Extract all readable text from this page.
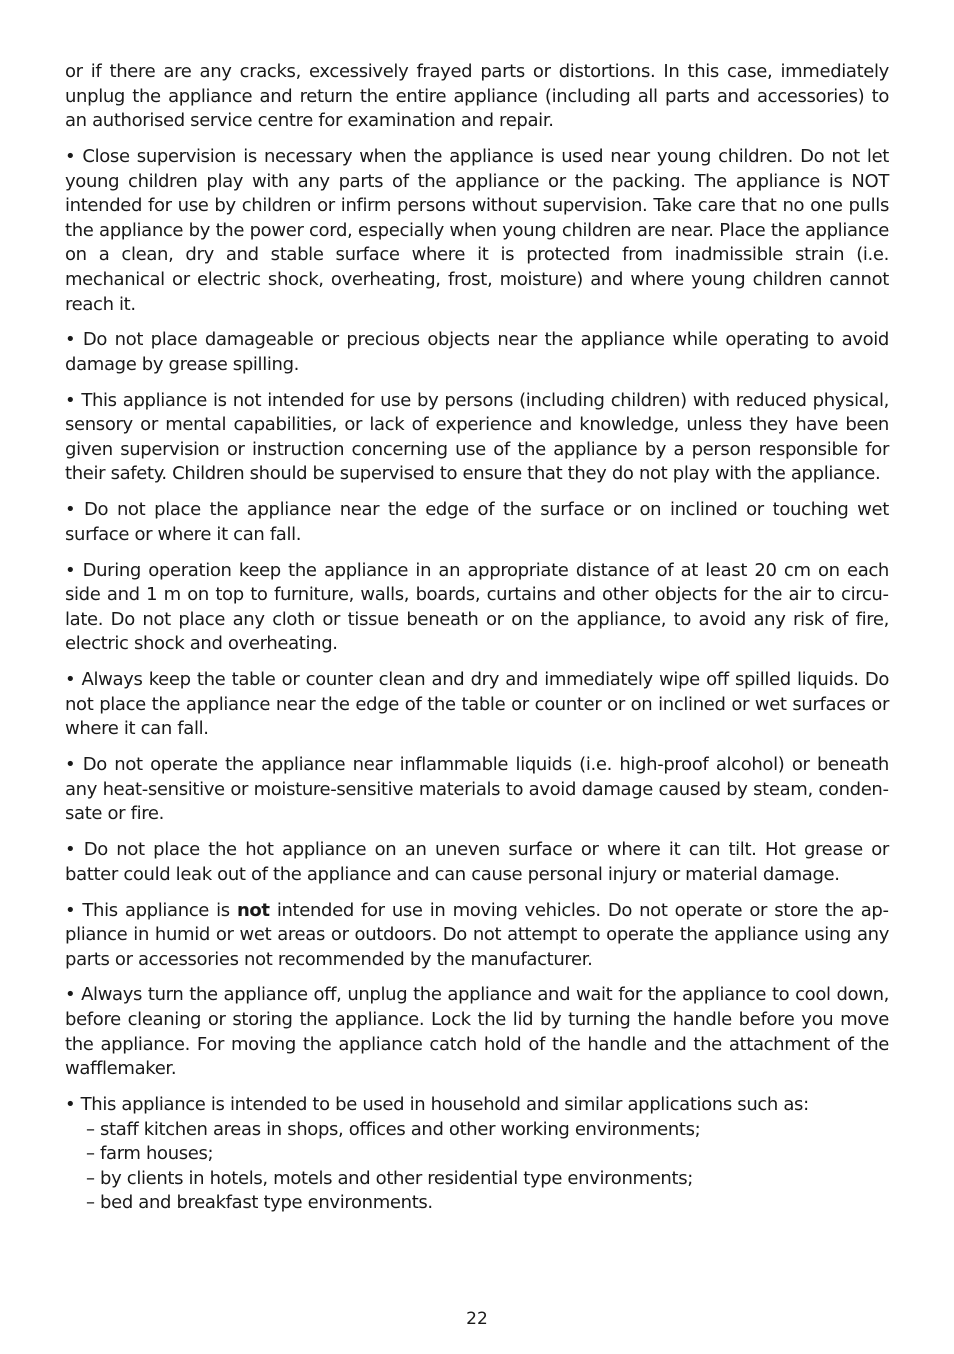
or if there are any cracks, excessively frayed parts or distortions. In this case, immediately unplug the appliance and return the entire appliance (including all parts and accessories) to an authorised service centre for examination and repair.

• Close supervision is necessary when the appliance is used near young children. Do not let young children play with any parts of the appliance or the packing. The appliance is NOT intended for use by children or infirm persons without supervision. Take care that no one pulls the appliance by the power cord, especially when young children are near. Place the appliance on a clean, dry and stable surface where it is protected from inadmissible strain (i.e. mechanical or electric shock, overheating, frost, moisture) and where young children cannot reach it.

• Do not place damageable or precious objects near the appliance while operating to avoid damage by grease spilling.

• This appliance is not intended for use by persons (including children) with reduced physical, sensory or mental capabilities, or lack of experience and knowledge, unless they have been given supervision or instruction concerning use of the appliance by a person responsible for their safety. Children should be supervised to ensure that they do not play with the appliance.

• Do not place the appliance near the edge of the surface or on inclined or touching wet surface or where it can fall.

• During operation keep the appliance in an appropriate distance of at least 20 cm on each side and 1 m on top to furniture, walls, boards, curtains and other objects for the air to circulate. Do not place any cloth or tissue beneath or on the appliance, to avoid any risk of fire, electric shock and overheating.

• Always keep the table or counter clean and dry and immediately wipe off spilled liquids. Do not place the appliance near the edge of the table or counter or on inclined or wet surfaces or where it can fall.

• Do not operate the appliance near inflammable liquids (i.e. high-proof alcohol) or beneath any heat-sensitive or moisture-sensitive materials to avoid damage caused by steam, condensate or fire.

• Do not place the hot appliance on an uneven surface or where it can tilt. Hot grease or batter could leak out of the appliance and can cause personal injury or material damage.

• This appliance is not intended for use in moving vehicles. Do not operate or store the appliance in humid or wet areas or outdoors. Do not attempt to operate the appliance using any parts or accessories not recommended by the manufacturer.

• Always turn the appliance off, unplug the appliance and wait for the appliance to cool down, before cleaning or storing the appliance. Lock the lid by turning the handle before you move the appliance. For moving the appliance catch hold of the handle and the attachment of the wafflemaker.

• This appliance is intended to be used in household and similar applications such as:

– staff kitchen areas in shops, offices and other working environments;
– farm houses;
– by clients in hotels, motels and other residential type environments;
– bed and breakfast type environments.
22
